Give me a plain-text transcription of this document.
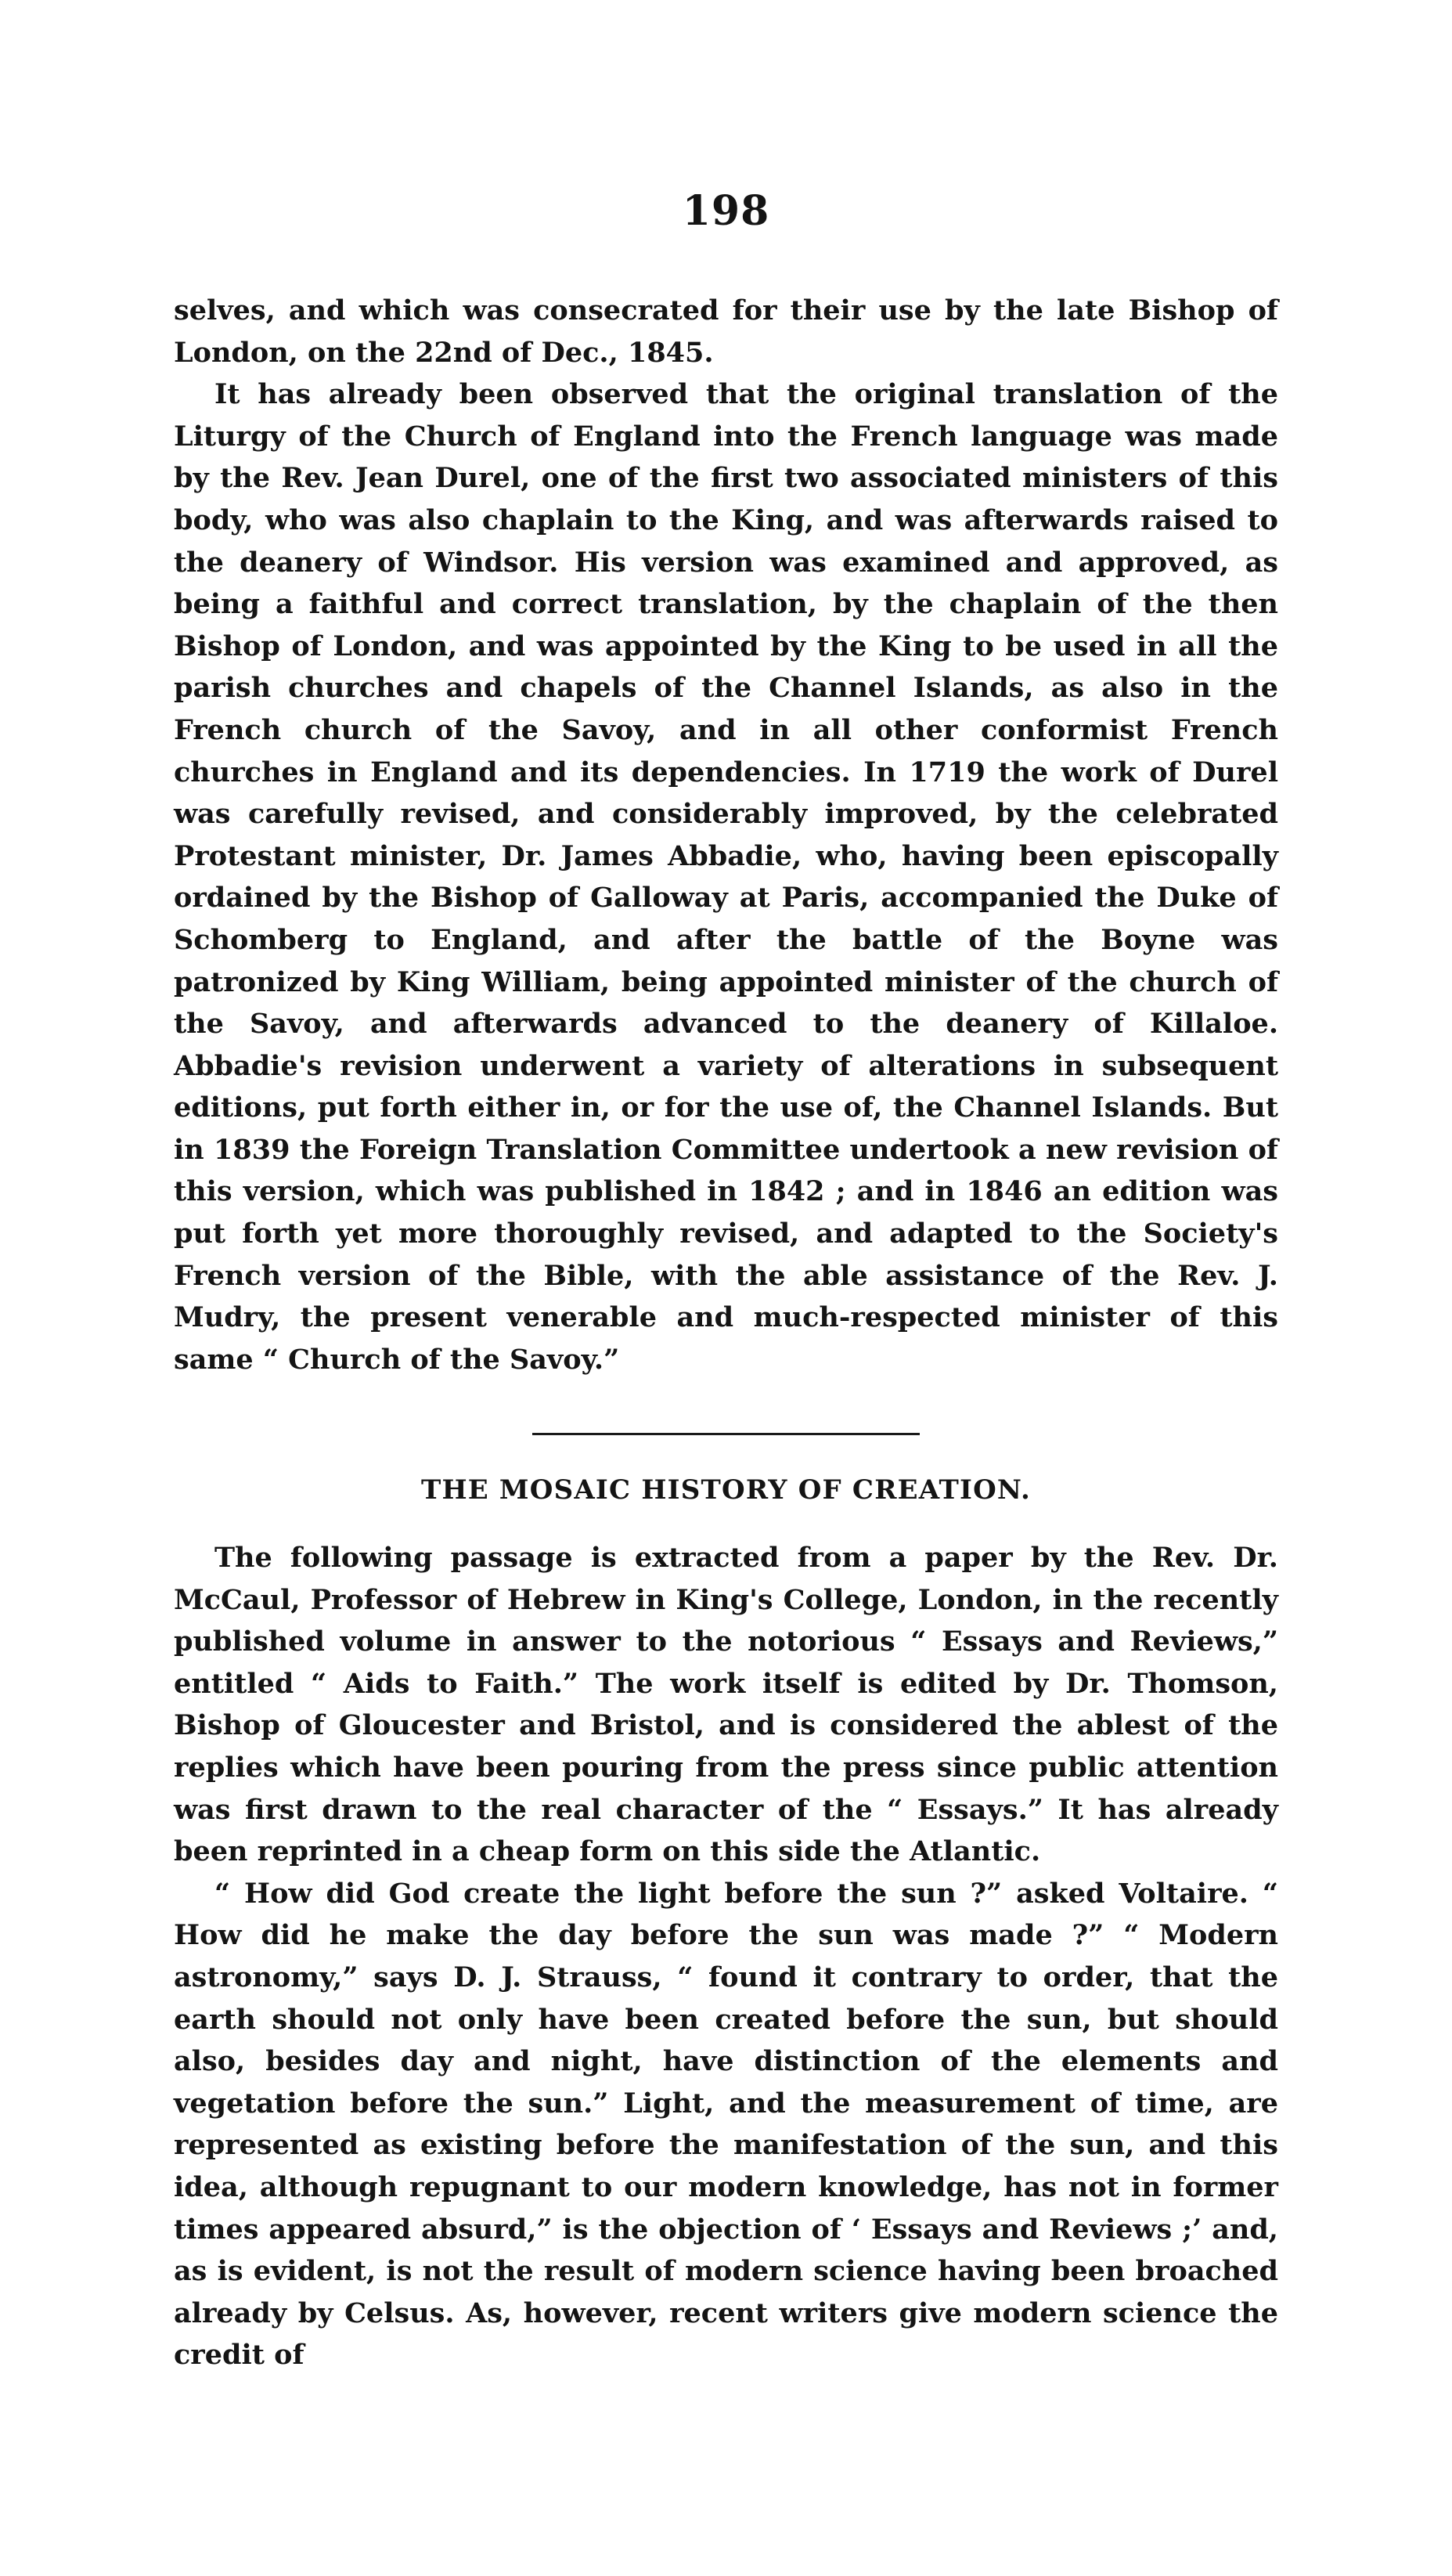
198

selves, and which was consecrated for their use by the late Bishop of London, on the 22nd of Dec., 1845.

It has already been observed that the original translation of the Liturgy of the Church of England into the French language was made by the Rev. Jean Durel, one of the first two associated ministers of this body, who was also chaplain to the King, and was afterwards raised to the deanery of Windsor. His version was examined and approved, as being a faithful and correct translation, by the chaplain of the then Bishop of London, and was appointed by the King to be used in all the parish churches and chapels of the Channel Islands, as also in the French church of the Savoy, and in all other conformist French churches in England and its dependencies. In 1719 the work of Durel was carefully revised, and considerably improved, by the celebrated Protestant minister, Dr. James Abbadie, who, having been episcopally ordained by the Bishop of Galloway at Paris, accompanied the Duke of Schomberg to England, and after the battle of the Boyne was patronized by King William, being appointed minister of the church of the Savoy, and afterwards advanced to the deanery of Killaloe. Abbadie's revision underwent a variety of alterations in subsequent editions, put forth either in, or for the use of, the Channel Islands. But in 1839 the Foreign Translation Committee undertook a new revision of this version, which was published in 1842 ; and in 1846 an edition was put forth yet more thoroughly revised, and adapted to the Society's French version of the Bible, with the able assistance of the Rev. J. Mudry, the present venerable and much-respected minister of this same “ Church of the Savoy.”

THE MOSAIC HISTORY OF CREATION.

The following passage is extracted from a paper by the Rev. Dr. McCaul, Professor of Hebrew in King's College, London, in the recently published volume in answer to the notorious “ Essays and Reviews,” entitled “ Aids to Faith.” The work itself is edited by Dr. Thomson, Bishop of Gloucester and Bristol, and is considered the ablest of the replies which have been pouring from the press since public attention was first drawn to the real character of the “ Essays.” It has already been reprinted in a cheap form on this side the Atlantic.

“ How did God create the light before the sun ?” asked Voltaire. “ How did he make the day before the sun was made ?” “ Modern astronomy,” says D. J. Strauss, “ found it contrary to order, that the earth should not only have been created before the sun, but should also, besides day and night, have distinction of the elements and vegetation before the sun.” Light, and the measurement of time, are represented as existing before the manifestation of the sun, and this idea, although repugnant to our modern knowledge, has not in former times appeared absurd,” is the objection of ‘ Essays and Reviews ;’ and, as is evident, is not the result of modern science having been broached already by Celsus. As, however, recent writers give modern science the credit of
